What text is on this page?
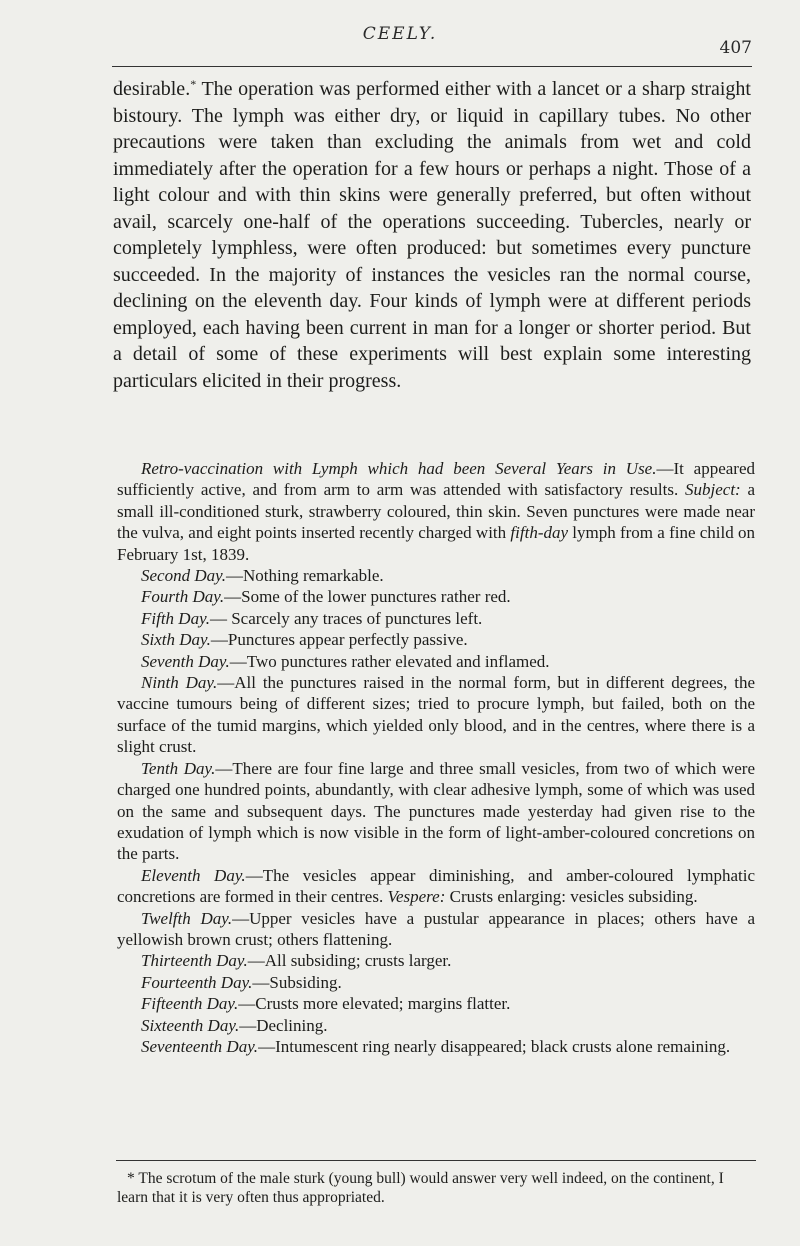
CEELY.
407
desirable.* The operation was performed either with a lancet or a sharp straight bistoury. The lymph was either dry, or liquid in capillary tubes. No other precautions were taken than excluding the animals from wet and cold immediately after the operation for a few hours or perhaps a night. Those of a light colour and with thin skins were generally preferred, but often without avail, scarcely one-half of the operations succeeding. Tubercles, nearly or completely lymphless, were often produced: but sometimes every puncture succeeded. In the majority of instances the vesicles ran the normal course, declining on the eleventh day. Four kinds of lymph were at different periods employed, each having been current in man for a longer or shorter period. But a detail of some of these experiments will best explain some interesting particulars elicited in their progress.

Retro-vaccination with Lymph which had been Several Years in Use.—It appeared sufficiently active, and from arm to arm was attended with satisfactory results. Subject: a small ill-conditioned sturk, strawberry coloured, thin skin. Seven punctures were made near the vulva, and eight points inserted recently charged with fifth-day lymph from a fine child on February 1st, 1839.

Second Day.—Nothing remarkable.

Fourth Day.—Some of the lower punctures rather red.

Fifth Day.— Scarcely any traces of punctures left.

Sixth Day.—Punctures appear perfectly passive.

Seventh Day.—Two punctures rather elevated and inflamed.

Ninth Day.—All the punctures raised in the normal form, but in different degrees, the vaccine tumours being of different sizes; tried to procure lymph, but failed, both on the surface of the tumid margins, which yielded only blood, and in the centres, where there is a slight crust.

Tenth Day.—There are four fine large and three small vesicles, from two of which were charged one hundred points, abundantly, with clear adhesive lymph, some of which was used on the same and subsequent days. The punctures made yesterday had given rise to the exudation of lymph which is now visible in the form of light-amber-coloured concretions on the parts.

Eleventh Day.—The vesicles appear diminishing, and amber-coloured lymphatic concretions are formed in their centres. Vespere: Crusts enlarging: vesicles subsiding.

Twelfth Day.—Upper vesicles have a pustular appearance in places; others have a yellowish brown crust; others flattening.

Thirteenth Day.—All subsiding; crusts larger.

Fourteenth Day.—Subsiding.

Fifteenth Day.—Crusts more elevated; margins flatter.

Sixteenth Day.—Declining.

Seventeenth Day.—Intumescent ring nearly disappeared; black crusts alone remaining.

* The scrotum of the male sturk (young bull) would answer very well indeed, on the continent, I learn that it is very often thus appropriated.
